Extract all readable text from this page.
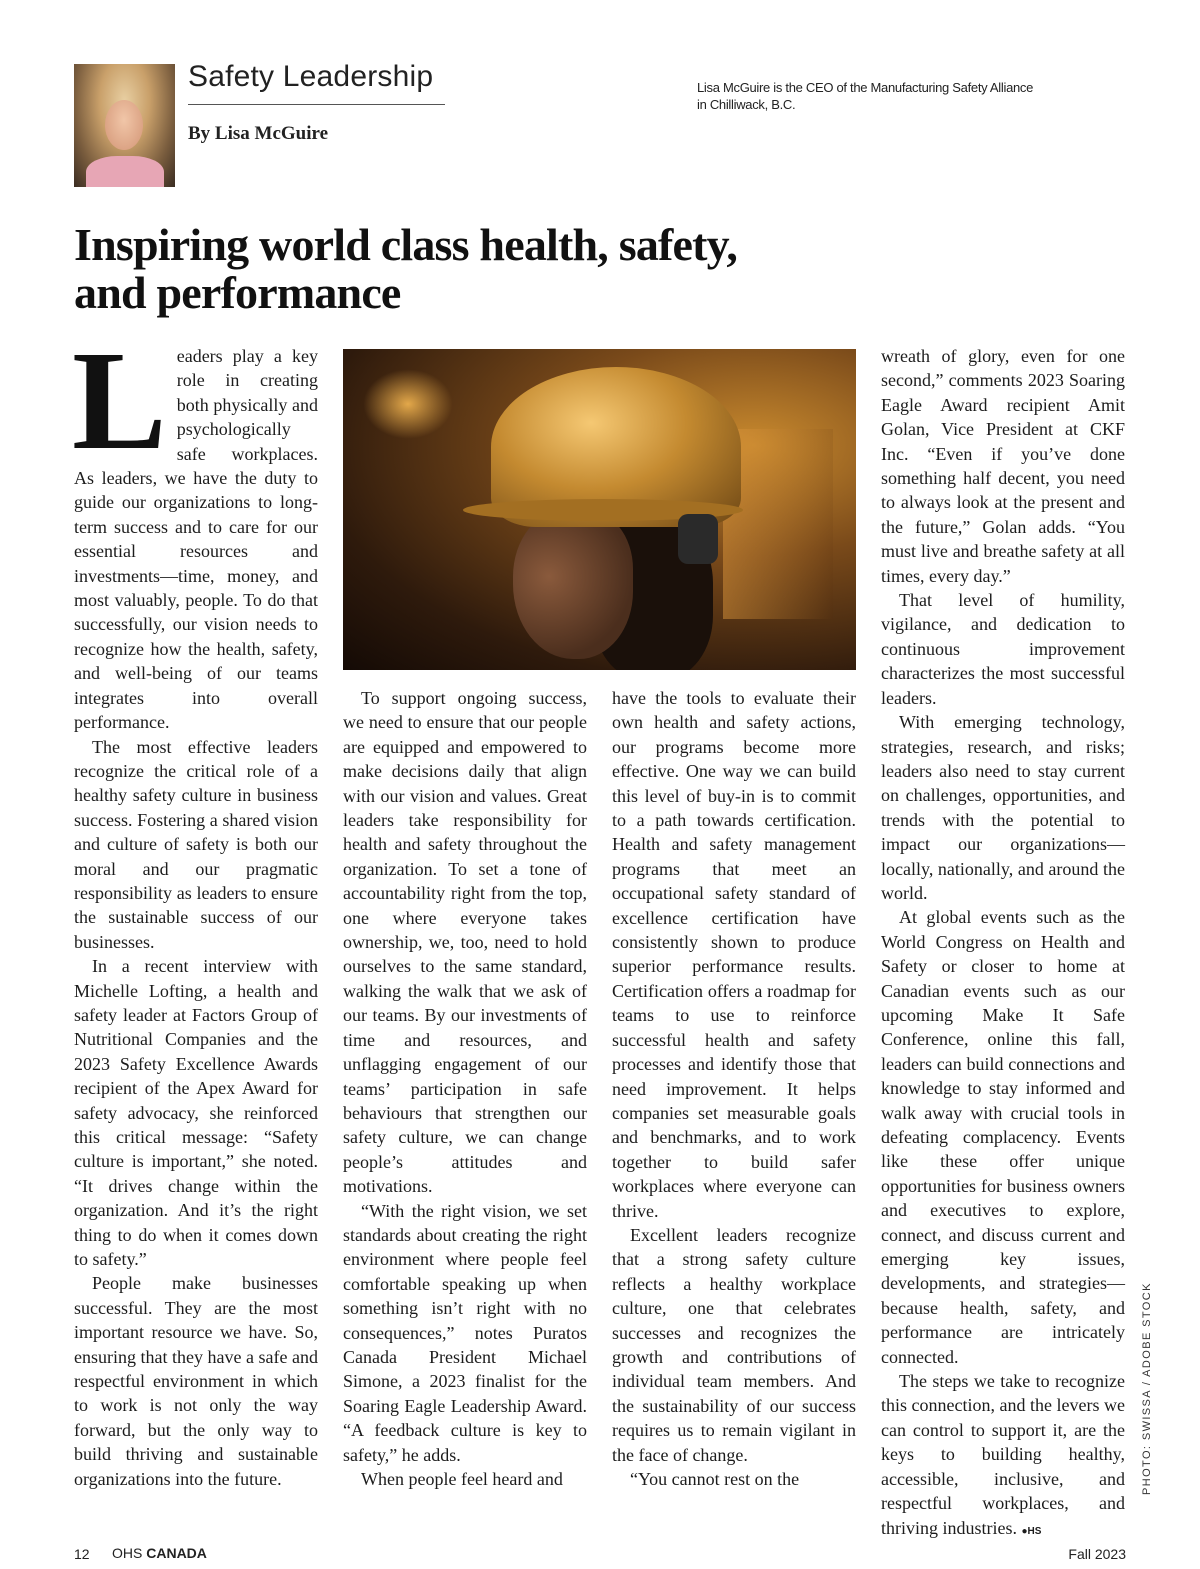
Safety Leadership
By Lisa McGuire
Lisa McGuire is the CEO of the Manufacturing Safety Alliance
in Chilliwack, B.C.
Inspiring world class health, safety,
and performance

Leaders play a key role in creating both physically and psychologically safe workplaces. As leaders, we have the duty to guide our organizations to long-term success and to care for our essential resources and investments—time, money, and most valuably, people. To do that successfully, our vision needs to recognize how the health, safety, and well-being of our teams integrates into overall performance.

The most effective leaders recognize the critical role of a healthy safety culture in business success. Fostering a shared vision and culture of safety is both our moral and our pragmatic responsibility as leaders to ensure the sustainable success of our businesses.

In a recent interview with Michelle Lofting, a health and safety leader at Factors Group of Nutritional Companies and the 2023 Safety Excellence Awards recipient of the Apex Award for safety advocacy, she reinforced this critical message: “Safety culture is important,” she noted. “It drives change within the organization. And it’s the right thing to do when it comes down to safety.”

People make businesses successful. They are the most important resource we have. So, ensuring that they have a safe and respectful environment in which to work is not only the way forward, but the only way to build thriving and sustainable organizations into the future.

To support ongoing success, we need to ensure that our people are equipped and empowered to make decisions daily that align with our vision and values. Great leaders take responsibility for health and safety throughout the organization. To set a tone of accountability right from the top, one where everyone takes ownership, we, too, need to hold ourselves to the same standard, walking the walk that we ask of our teams. By our investments of time and resources, and unflagging engagement of our teams’ participation in safe behaviours that strengthen our safety culture, we can change people’s attitudes and motivations.

“With the right vision, we set standards about creating the right environment where people feel comfortable speaking up when something isn’t right with no consequences,” notes Puratos Canada President Michael Simone, a 2023 finalist for the Soaring Eagle Leadership Award. “A feedback culture is key to safety,” he adds.

When people feel heard and

have the tools to evaluate their own health and safety actions, our programs become more effective. One way we can build this level of buy-in is to commit to a path towards certification. Health and safety management programs that meet an occupational safety standard of excellence certification have consistently shown to produce superior performance results. Certification offers a roadmap for teams to use to reinforce successful health and safety processes and identify those that need improvement. It helps companies set measurable goals and benchmarks, and to work together to build safer workplaces where everyone can thrive.

Excellent leaders recognize that a strong safety culture reflects a healthy workplace culture, one that celebrates successes and recognizes the growth and contributions of individual team members. And the sustainability of our success requires us to remain vigilant in the face of change.

“You cannot rest on the

wreath of glory, even for one second,” comments 2023 Soaring Eagle Award recipient Amit Golan, Vice President at CKF Inc. “Even if you’ve done something half decent, you need to always look at the present and the future,” Golan adds. “You must live and breathe safety at all times, every day.”

That level of humility, vigilance, and dedication to continuous improvement characterizes the most successful leaders.

With emerging technology, strategies, research, and risks; leaders also need to stay current on challenges, opportunities, and trends with the potential to impact our organizations—locally, nationally, and around the world.

At global events such as the World Congress on Health and Safety or closer to home at Canadian events such as our upcoming Make It Safe Conference, online this fall, leaders can build connections and knowledge to stay informed and walk away with crucial tools in defeating complacency. Events like these offer unique opportunities for business owners and executives to explore, connect, and discuss current and emerging key issues, developments, and strategies—because health, safety, and performance are intricately connected.

The steps we take to recognize this connection, and the levers we can control to support it, are the keys to building healthy, accessible, inclusive, and respectful workplaces, and thriving industries. ●HS

PHOTO: SWISSA / ADOBE STOCK
12 OHS CANADA	Fall 2023
